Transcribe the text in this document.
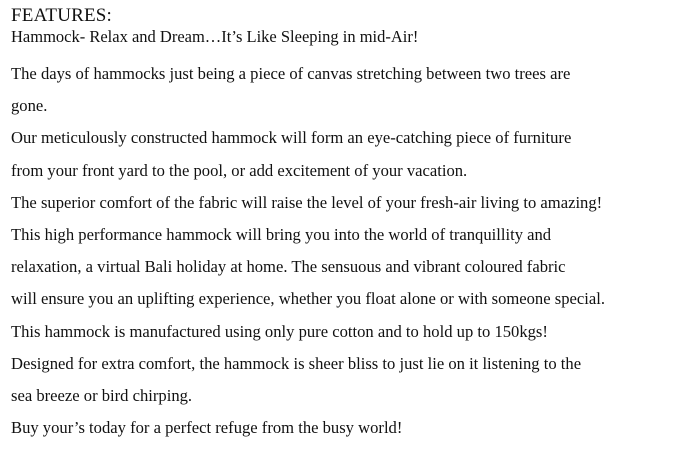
FEATURES:

Hammock- Relax and Dream…It’s Like Sleeping in mid-Air!

The days of hammocks just being a piece of canvas stretching between two trees are
gone.
Our meticulously constructed hammock will form an eye-catching piece of furniture
from your front yard to the pool, or add excitement of your vacation.
The superior comfort of the fabric will raise the level of your fresh-air living to amazing!
This high performance hammock will bring you into the world of tranquillity and
relaxation, a virtual Bali holiday at home. The sensuous and vibrant coloured fabric
will ensure you an uplifting experience, whether you float alone or with someone special.
This hammock is manufactured using only pure cotton and to hold up to 150kgs!
Designed for extra comfort, the hammock is sheer bliss to just lie on it listening to the
sea breeze or bird chirping.
Buy your’s today for a perfect refuge from the busy world!
